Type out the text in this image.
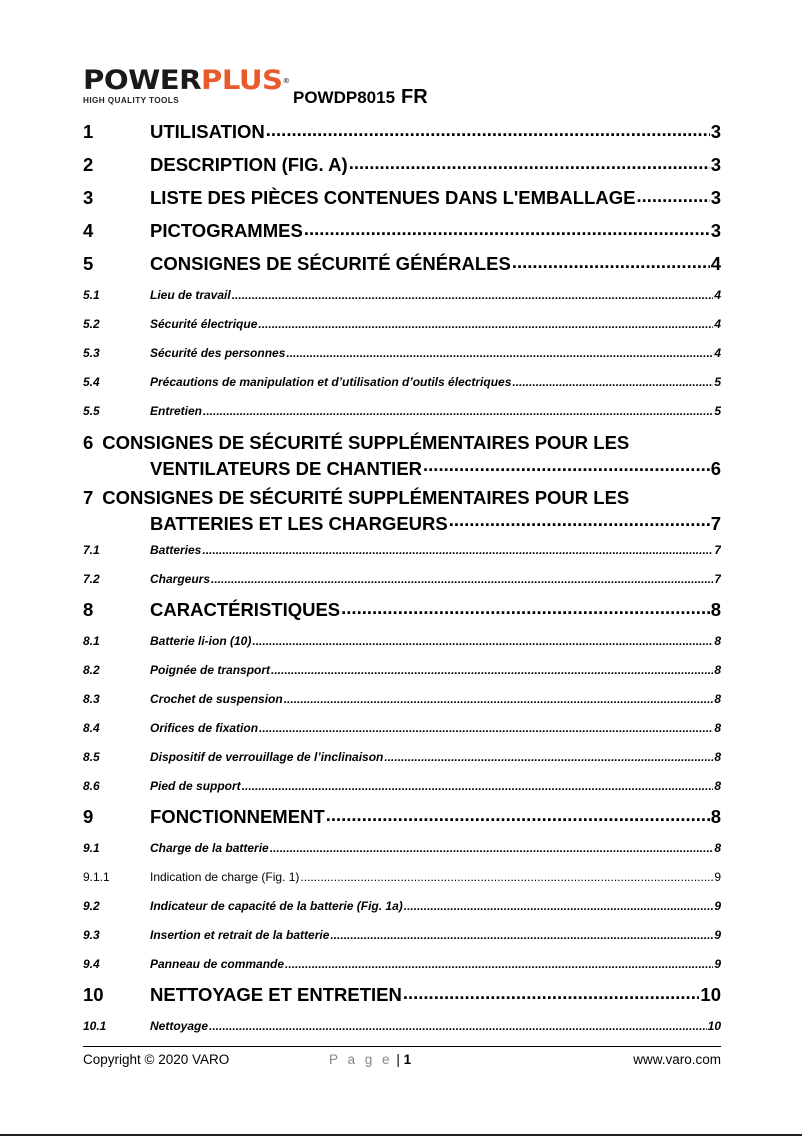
POWERPLUS®
HIGH QUALITY TOOLS	POWDP8015 FR
1	UTILISATION .....	3
2	DESCRIPTION (FIG. A) .....	3
3	LISTE DES PIÈCES CONTENUES DANS L'EMBALLAGE .....	3
4	PICTOGRAMMES .....	3
5	CONSIGNES DE SÉCURITÉ GÉNÉRALES .....	4
5.1	Lieu de travail .....	4
5.2	Sécurité électrique .....	4
5.3	Sécurité des personnes .....	4
5.4	Précautions de manipulation et d’utilisation d’outils électriques .....	5
5.5	Entretien .....	5
6 CONSIGNES DE SÉCURITÉ SUPPLÉMENTAIRES POUR LES
VENTILATEURS DE CHANTIER .....	6
7 CONSIGNES DE SÉCURITÉ SUPPLÉMENTAIRES POUR LES
BATTERIES ET LES CHARGEURS .....	7
7.1	Batteries .....	7
7.2	Chargeurs .....	7
8	CARACTÉRISTIQUES .....	8
8.1	Batterie li-ion (10) .....	8
8.2	Poignée de transport .....	8
8.3	Crochet de suspension .....	8
8.4	Orifices de fixation .....	8
8.5	Dispositif de verrouillage de l’inclinaison .....	8
8.6	Pied de support .....	8
9	FONCTIONNEMENT .....	8
9.1	Charge de la batterie .....	8
9.1.1	Indication de charge (Fig. 1) .....	9
9.2	Indicateur de capacité de la batterie (Fig. 1a) .....	9
9.3	Insertion et retrait de la batterie .....	9
9.4	Panneau de commande .....	9
10	NETTOYAGE ET ENTRETIEN .....	10
10.1	Nettoyage .....	10
Copyright © 2020 VARO	P a g e | 1	www.varo.com
